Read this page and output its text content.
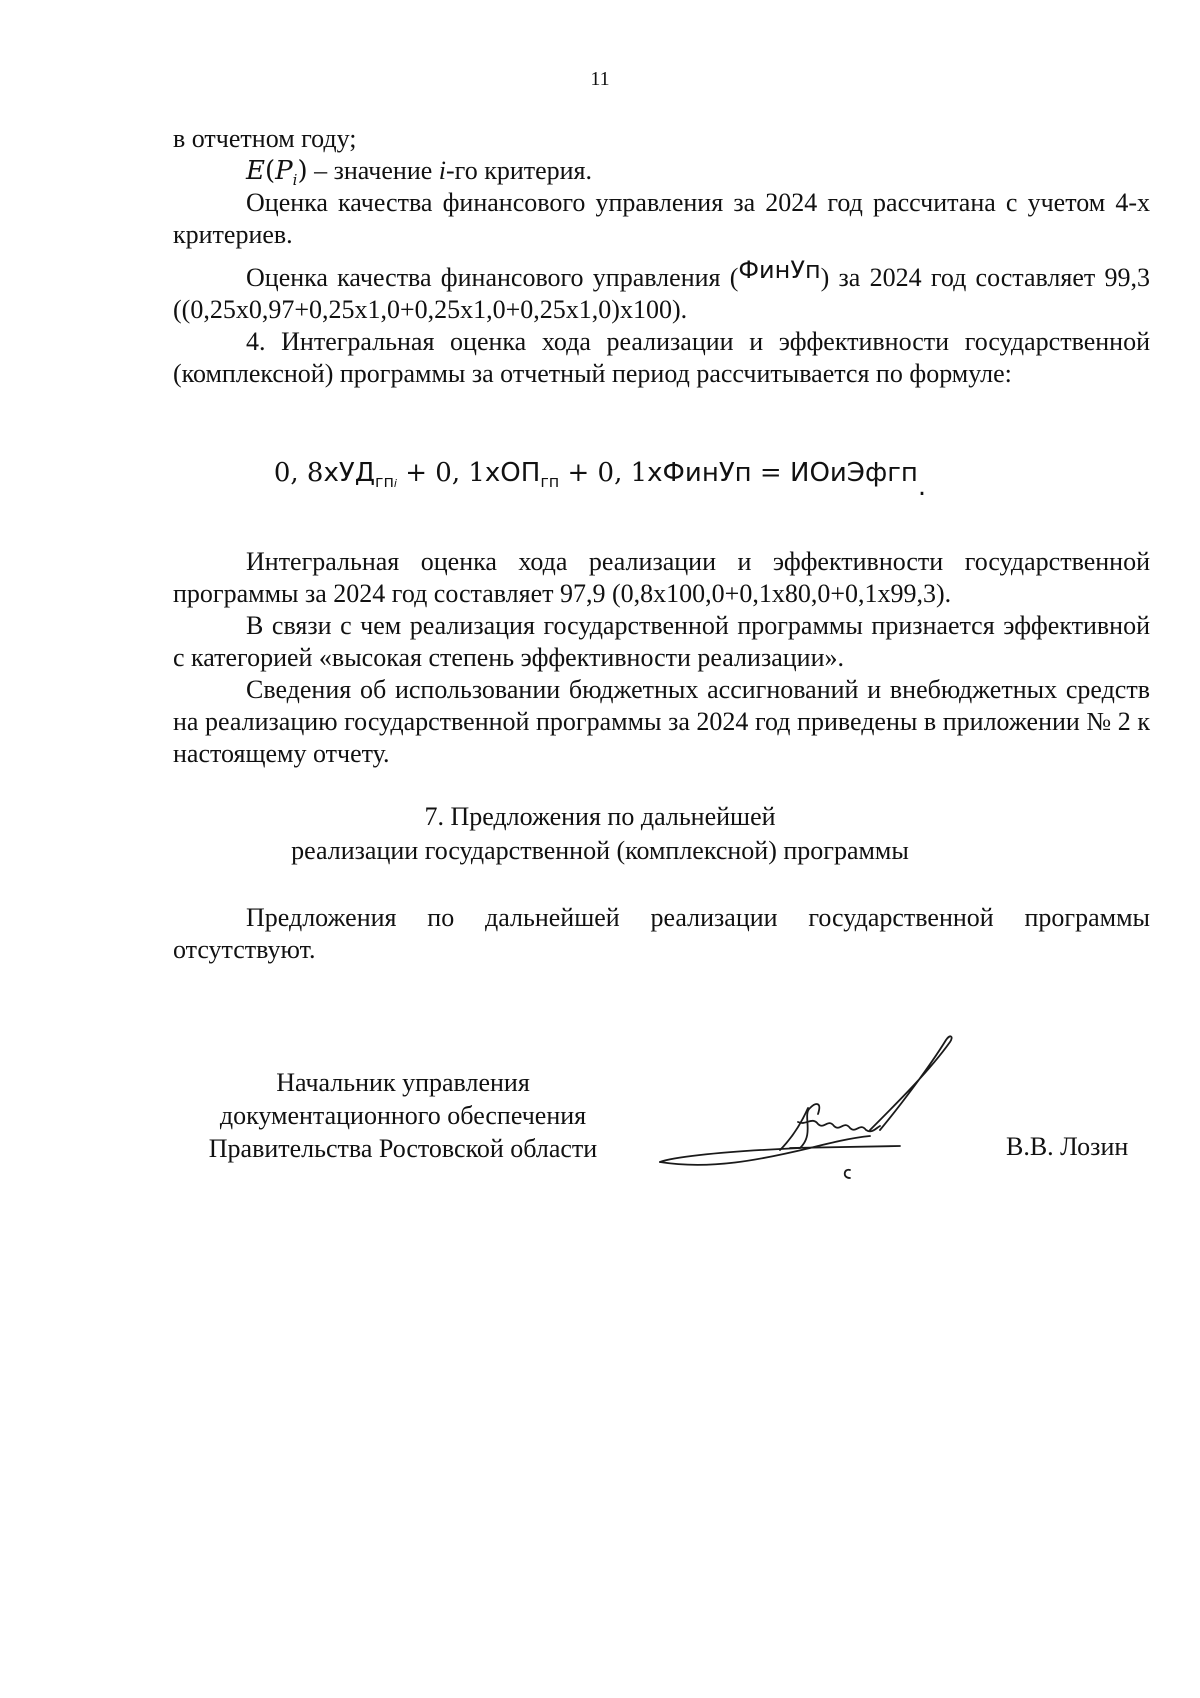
11

в отчетном году;

$E(P_i)$ – значение i-го критерия.

Оценка качества финансового управления за 2024 год рассчитана с учетом 4-х критериев.

Оценка качества финансового управления (ФинУп) за 2024 год составляет 99,3 ((0,25х0,97+0,25х1,0+0,25х1,0+0,25х1,0)х100).

4. Интегральная оценка хода реализации и эффективности государственной (комплексной) программы за отчетный период рассчитывается по формуле:

0, 8хУД$_{гпi}$ + 0, 1хОП$_{гп}$ + 0, 1хФинУп = ИОиЭфгп.

Интегральная оценка хода реализации и эффективности государственной программы за 2024 год составляет 97,9 (0,8х100,0+0,1х80,0+0,1х99,3).

В связи с чем реализация государственной программы признается эффективной с категорией «высокая степень эффективности реализации».

Сведения об использовании бюджетных ассигнований и внебюджетных средств на реализацию государственной программы за 2024 год приведены в приложении № 2 к настоящему отчету.

7. Предложения по дальнейшей
реализации государственной (комплексной) программы

Предложения по дальнейшей реализации государственной программы отсутствуют.

Начальник управления
документационного обеспечения
Правительства Ростовской области	В.В. Лозин
